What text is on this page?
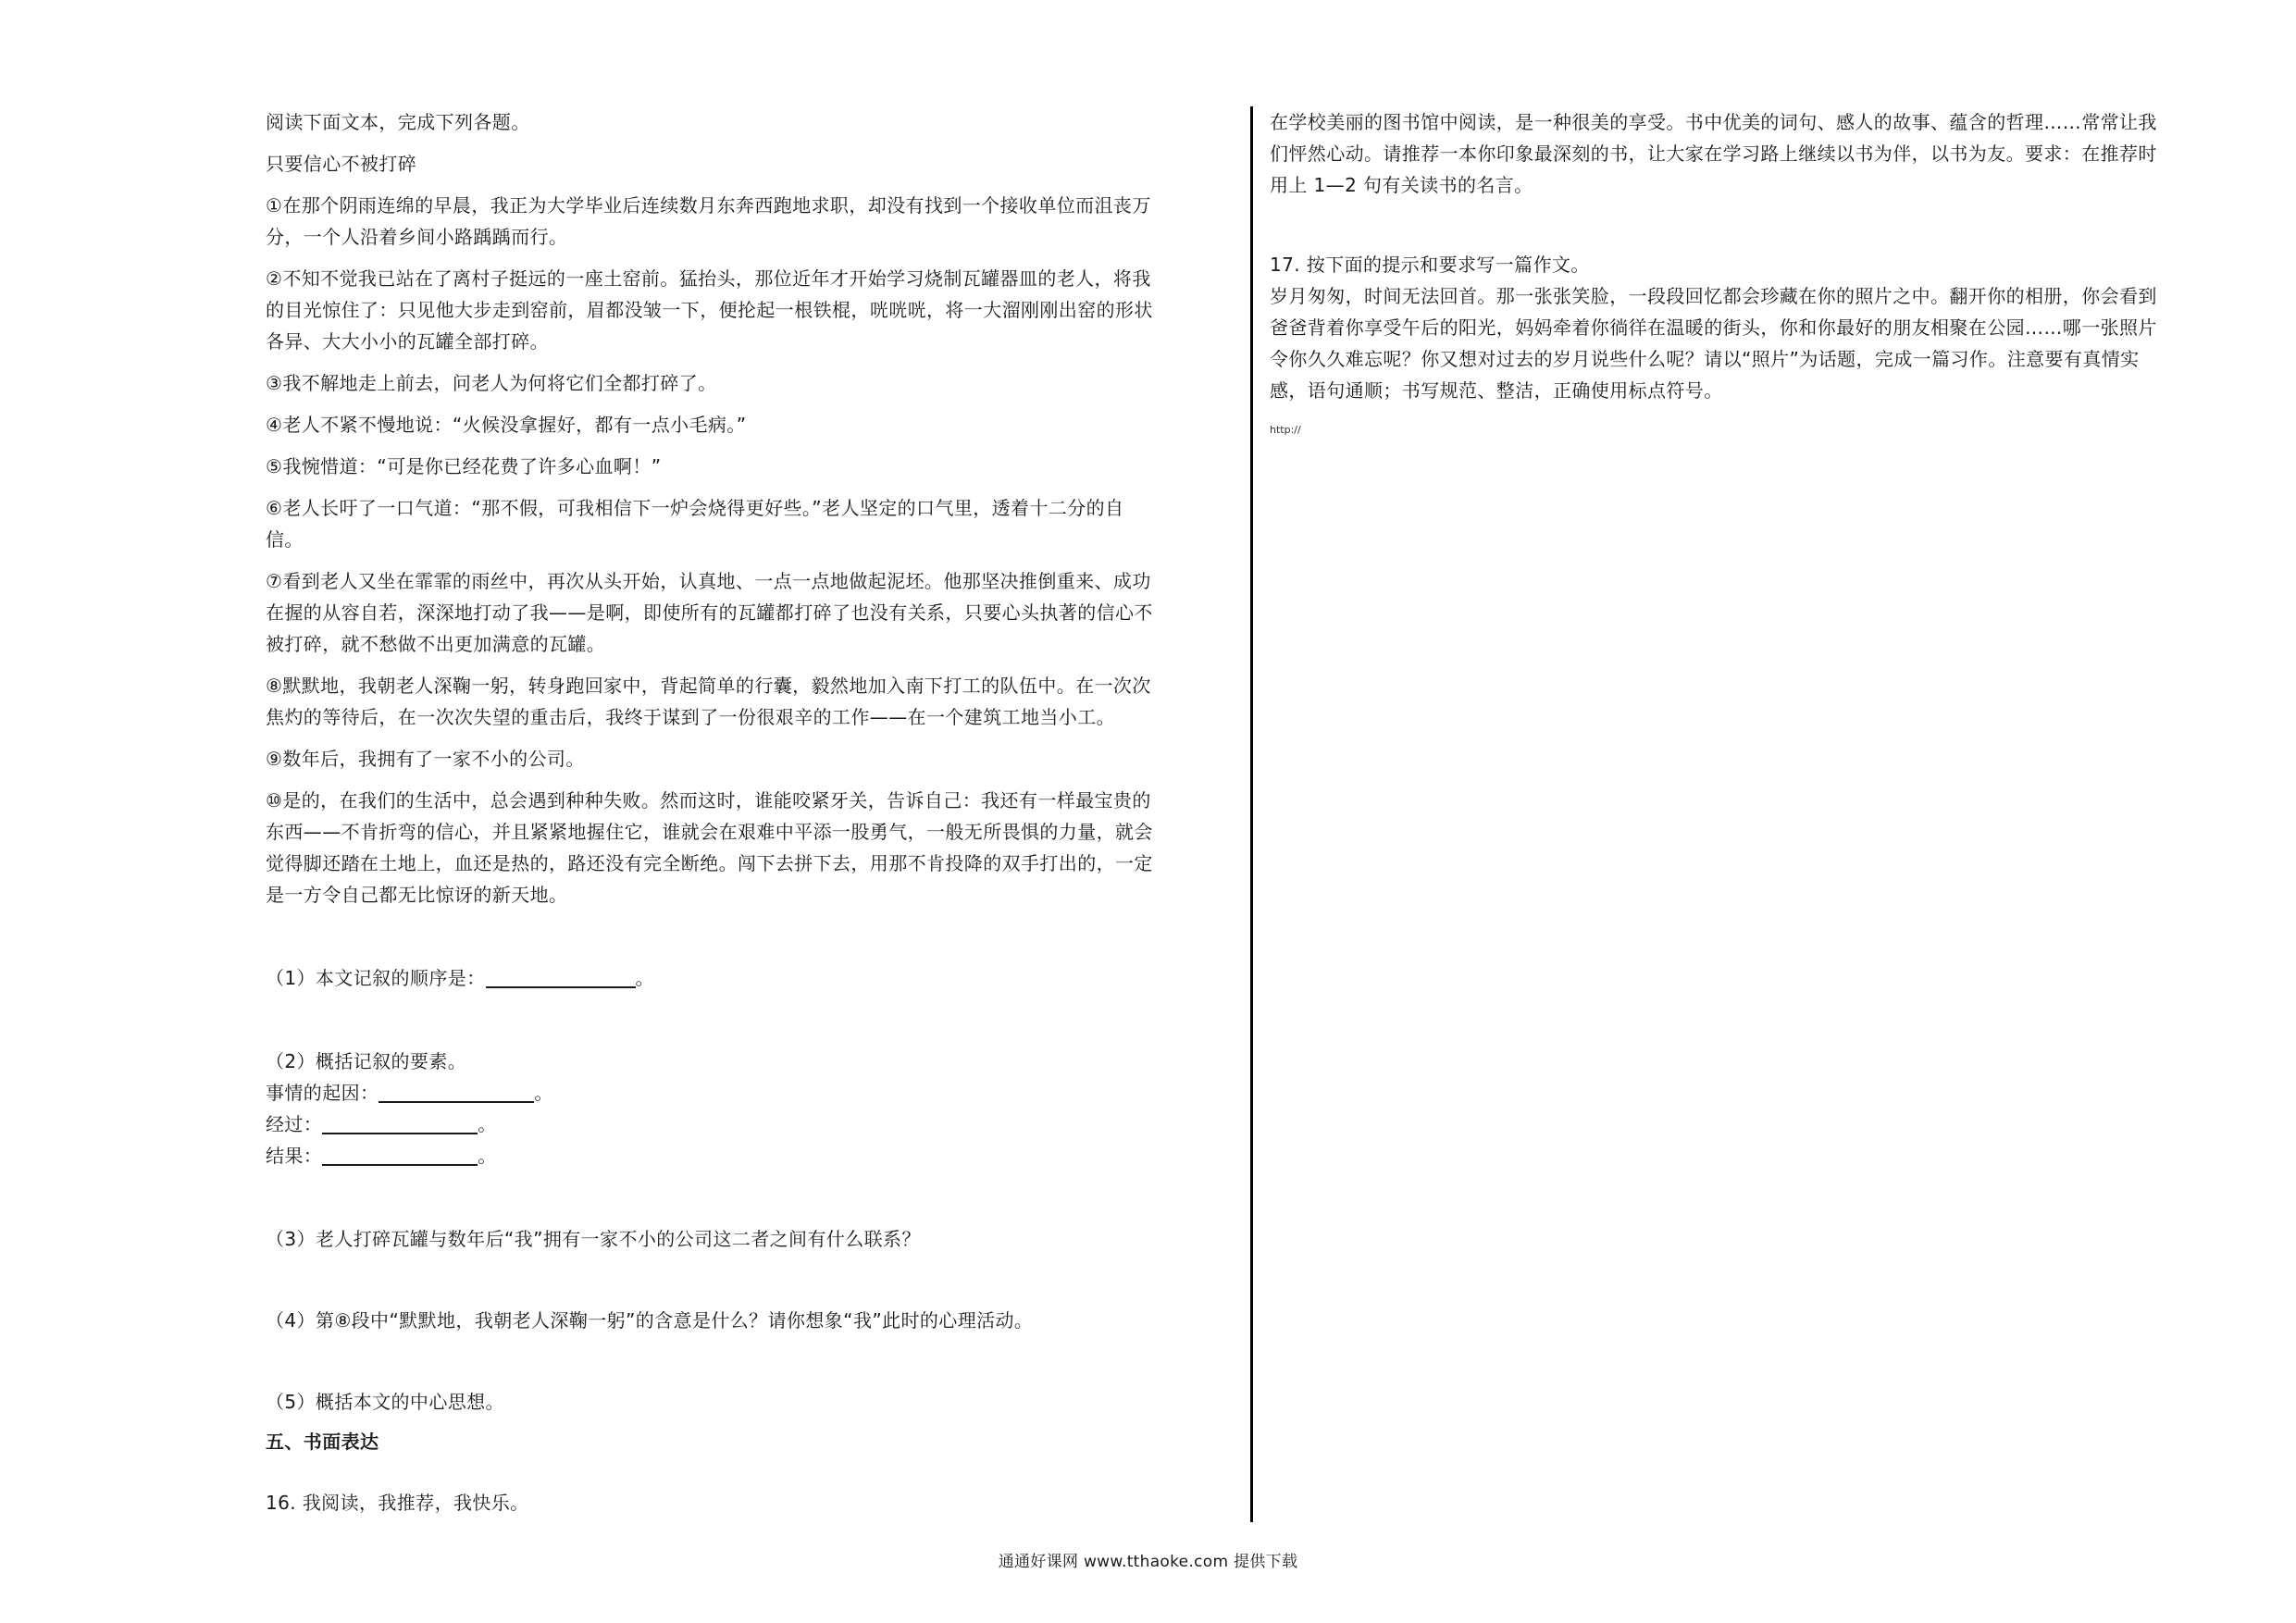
阅读下面文本，完成下列各题。
只要信心不被打碎
①在那个阴雨连绵的早晨，我正为大学毕业后连续数月东奔西跑地求职，却没有找到一个接收单位而沮丧万
分，一个人沿着乡间小路踽踽而行。
②不知不觉我已站在了离村子挺远的一座土窑前。猛抬头，那位近年才开始学习烧制瓦罐器皿的老人，将我
的目光惊住了：只见他大步走到窑前，眉都没皱一下，便抡起一根铁棍，咣咣咣，将一大溜刚刚出窑的形状
各异、大大小小的瓦罐全部打碎。
③我不解地走上前去，问老人为何将它们全都打碎了。
④老人不紧不慢地说：“火候没拿握好，都有一点小毛病。”
⑤我惋惜道：“可是你已经花费了许多心血啊！”
⑥老人长吁了一口气道：“那不假，可我相信下一炉会烧得更好些。”老人坚定的口气里，透着十二分的自
信。
⑦看到老人又坐在霏霏的雨丝中，再次从头开始，认真地、一点一点地做起泥坯。他那坚决推倒重来、成功
在握的从容自若，深深地打动了我——是啊，即使所有的瓦罐都打碎了也没有关系，只要心头执著的信心不
被打碎，就不愁做不出更加满意的瓦罐。
⑧默默地，我朝老人深鞠一躬，转身跑回家中，背起简单的行囊，毅然地加入南下打工的队伍中。在一次次
焦灼的等待后，在一次次失望的重击后，我终于谋到了一份很艰辛的工作——在一个建筑工地当小工。
⑨数年后，我拥有了一家不小的公司。
⑩是的，在我们的生活中，总会遇到种种失败。然而这时，谁能咬紧牙关，告诉自己：我还有一样最宝贵的
东西——不肯折弯的信心，并且紧紧地握住它，谁就会在艰难中平添一股勇气，一般无所畏惧的力量，就会
觉得脚还踏在土地上，血还是热的，路还没有完全断绝。闯下去拼下去，用那不肯投降的双手打出的，一定
是一方令自己都无比惊讶的新天地。
（1）本文记叙的顺序是：	。
（2）概括记叙的要素。
事情的起因：	。
经过：	。
结果：	。
（3）老人打碎瓦罐与数年后“我”拥有一家不小的公司这二者之间有什么联系？
（4）第⑧段中“默默地，我朝老人深鞠一躬”的含意是什么？请你想象“我”此时的心理活动。
（5）概括本文的中心思想。
五、书面表达
16. 我阅读，我推荐，我快乐。
在学校美丽的图书馆中阅读，是一种很美的享受。书中优美的词句、感人的故事、蕴含的哲理……常常让我
们怦然心动。请推荐一本你印象最深刻的书，让大家在学习路上继续以书为伴，以书为友。要求：在推荐时
用上 1—2 句有关读书的名言。
17. 按下面的提示和要求写一篇作文。
岁月匆匆，时间无法回首。那一张张笑脸，一段段回忆都会珍藏在你的照片之中。翻开你的相册，你会看到
爸爸背着你享受午后的阳光，妈妈牵着你徜徉在温暖的街头，你和你最好的朋友相聚在公园……哪一张照片
令你久久难忘呢？你又想对过去的岁月说些什么呢？请以“照片”为话题，完成一篇习作。注意要有真情实
感，语句通顺；书写规范、整洁，正确使用标点符号。
http://
通通好课网 www.tthaoke.com 提供下载
